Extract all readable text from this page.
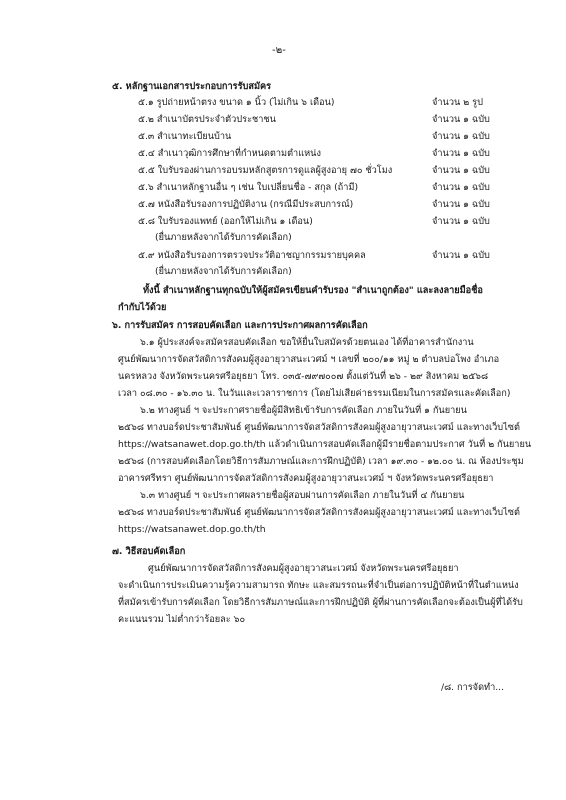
-๒-
๕. หลักฐานเอกสารประกอบการรับสมัคร
๕.๑ รูปถ่ายหน้าตรง ขนาด ๑ นิ้ว (ไม่เกิน ๖ เดือน)	จำนวน ๒ รูป
๕.๒ สำเนาบัตรประจำตัวประชาชน	จำนวน ๑ ฉบับ
๕.๓ สำเนาทะเบียนบ้าน	จำนวน ๑ ฉบับ
๕.๔ สำเนาวุฒิการศึกษาที่กำหนดตามตำแหน่ง	จำนวน ๑ ฉบับ
๕.๕ ใบรับรองผ่านการอบรมหลักสูตรการดูแลผู้สูงอายุ ๗๐ ชั่วโมง	จำนวน ๑ ฉบับ
๕.๖ สำเนาหลักฐานอื่น ๆ เช่น ใบเปลี่ยนชื่อ - สกุล (ถ้ามี)	จำนวน ๑ ฉบับ
๕.๗ หนังสือรับรองการปฏิบัติงาน (กรณีมีประสบการณ์)	จำนวน ๑ ฉบับ
๕.๘ ใบรับรองแพทย์ (ออกให้ไม่เกิน ๑ เดือน)	จำนวน ๑ ฉบับ
(ยื่นภายหลังจากได้รับการคัดเลือก)
๕.๙ หนังสือรับรองการตรวจประวัติอาชญากรรมรายบุคคล	จำนวน ๑ ฉบับ
(ยื่นภายหลังจากได้รับการคัดเลือก)
ทั้งนี้ สำเนาหลักฐานทุกฉบับให้ผู้สมัครเขียนคำรับรอง "สำเนาถูกต้อง" และลงลายมือชื่อ
กำกับไว้ด้วย
๖. การรับสมัคร การสอบคัดเลือก และการประกาศผลการคัดเลือก
๖.๑ ผู้ประสงค์จะสมัครสอบคัดเลือก ขอให้ยื่นใบสมัครด้วยตนเอง ได้ที่อาคารสำนักงาน
ศูนย์พัฒนาการจัดสวัสดิการสังคมผู้สูงอายุวาสนะเวศม์ ฯ เลขที่ ๒๐๐/๑๑ หมู่ ๒ ตำบลบ่อโพง อำเภอ
นครหลวง จังหวัดพระนครศรีอยุธยา โทร. ๐๓๕-๗๙๗๐๐๗ ตั้งแต่วันที่ ๒๖ - ๒๙ สิงหาคม ๒๕๖๘
เวลา ๐๘.๓๐ - ๑๖.๓๐ น. ในวันและเวลาราชการ (โดยไม่เสียค่าธรรมเนียมในการสมัครและคัดเลือก)
๖.๒ ทางศูนย์ ฯ จะประกาศรายชื่อผู้มีสิทธิเข้ารับการคัดเลือก ภายในวันที่ ๑ กันยายน
๒๕๖๘ ทางบอร์ดประชาสัมพันธ์ ศูนย์พัฒนาการจัดสวัสดิการสังคมผู้สูงอายุวาสนะเวศม์ และทางเว็บไซต์
https://watsanawet.dop.go.th/th แล้วดำเนินการสอบคัดเลือกผู้มีรายชื่อตามประกาศ วันที่ ๒ กันยายน
๒๕๖๘ (การสอบคัดเลือกโดยวิธีการสัมภาษณ์และการฝึกปฏิบัติ) เวลา ๑๙.๓๐ - ๑๒.๐๐ น. ณ ห้องประชุม
อาคารศรีทรา ศูนย์พัฒนาการจัดสวัสดิการสังคมผู้สูงอายุวาสนะเวศม์ ฯ จังหวัดพระนครศรีอยุธยา
๖.๓ ทางศูนย์ ฯ จะประกาศผลรายชื่อผู้สอบผ่านการคัดเลือก ภายในวันที่ ๔ กันยายน
๒๕๖๘ ทางบอร์ดประชาสัมพันธ์ ศูนย์พัฒนาการจัดสวัสดิการสังคมผู้สูงอายุวาสนะเวศม์ และทางเว็บไซต์
https://watsanawet.dop.go.th/th
๗. วิธีสอบคัดเลือก
ศูนย์พัฒนาการจัดสวัสดิการสังคมผู้สูงอายุวาสนะเวศม์ จังหวัดพระนครศรีอยุธยา
จะดำเนินการประเมินความรู้ความสามารถ ทักษะ และสมรรถนะที่จำเป็นต่อการปฏิบัติหน้าที่ในตำแหน่ง
ที่สมัครเข้ารับการคัดเลือก โดยวิธีการสัมภาษณ์และการฝึกปฏิบัติ ผู้ที่ผ่านการคัดเลือกจะต้องเป็นผู้ที่ได้รับ
คะแนนรวม ไม่ต่ำกว่าร้อยละ ๖๐
/๘. การจัดทำ...
